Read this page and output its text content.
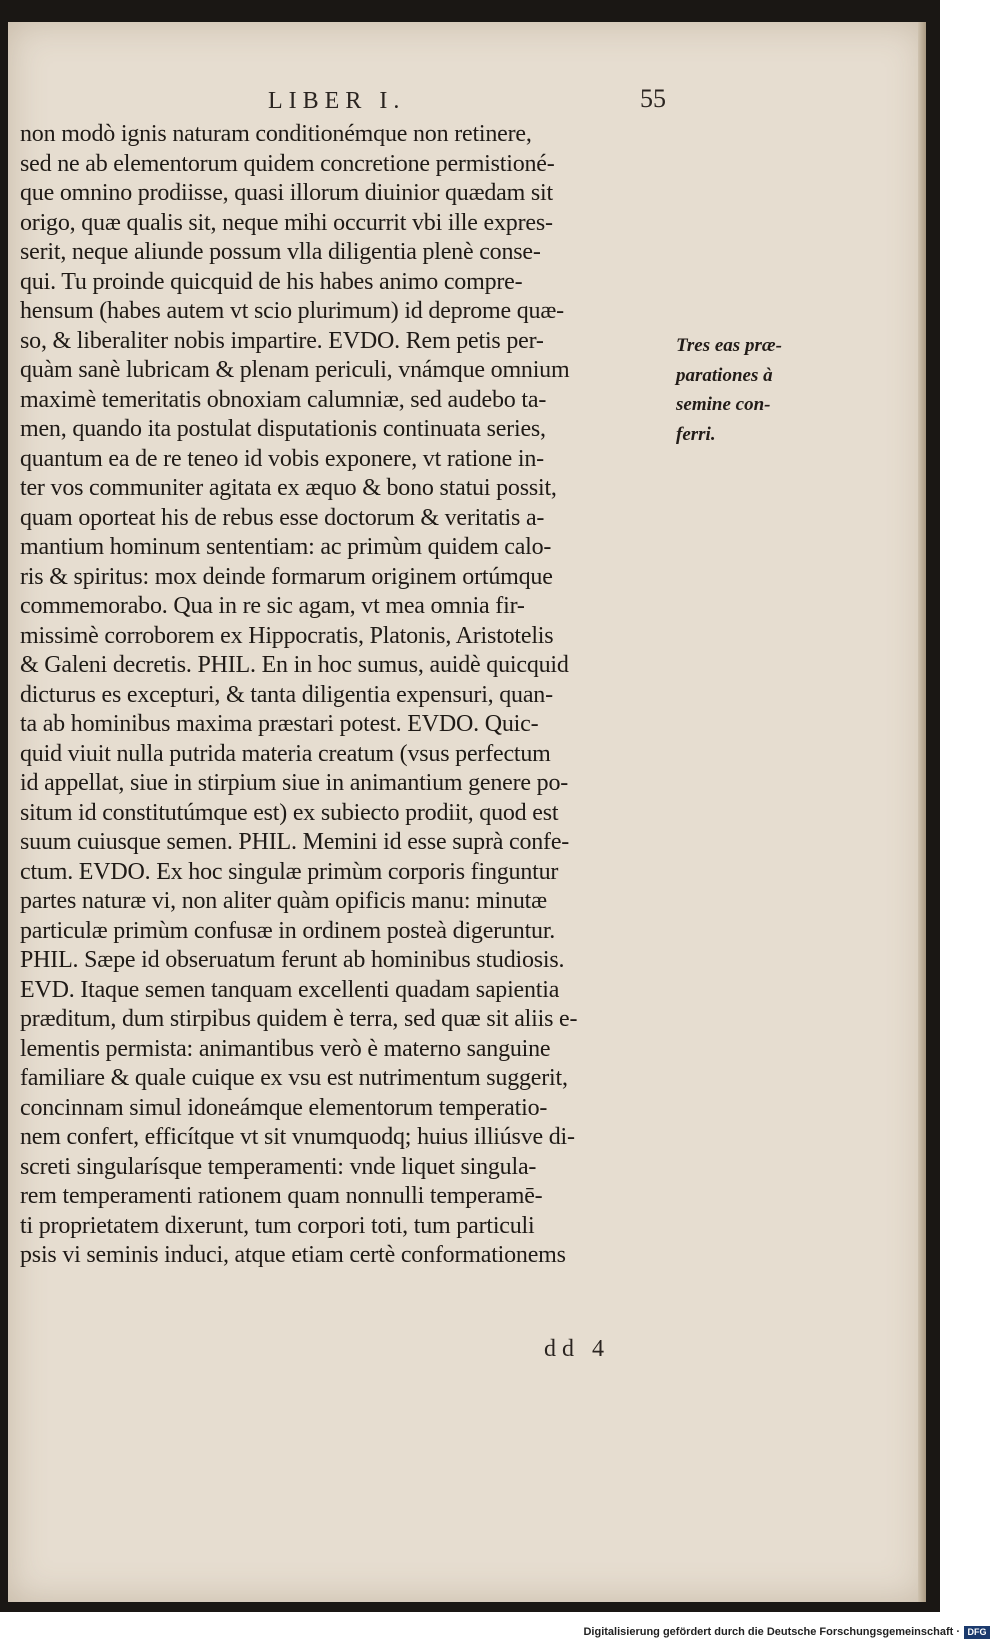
LIBER I.	55
non modò ignis naturam conditionémque non retinere,
sed ne ab elementorum quidem concretione permistioné-
que omnino prodiisse, quasi illorum diuinior quædam sit
origo, quæ qualis sit, neque mihi occurrit vbi ille expres-
serit, neque aliunde possum vlla diligentia plenè conse-
qui. Tu proinde quicquid de his habes animo compre-
hensum (habes autem vt scio plurimum) id deprome quæ-
so, & liberaliter nobis impartire. EVDO. Rem petis per-
quàm sanè lubricam & plenam periculi, vnámque omnium
maximè temeritatis obnoxiam calumniæ, sed audebo ta-
men, quando ita postulat disputationis continuata series,
quantum ea de re teneo id vobis exponere, vt ratione in-
ter vos communiter agitata ex æquo & bono statui possit,
quam oporteat his de rebus esse doctorum & veritatis a-
mantium hominum sententiam: ac primùm quidem calo-
ris & spiritus: mox deinde formarum originem ortúmque
commemorabo. Qua in re sic agam, vt mea omnia fir-
missimè corroborem ex Hippocratis, Platonis, Aristotelis
& Galeni decretis. PHIL. En in hoc sumus, auidè quicquid
dicturus es excepturi, & tanta diligentia expensuri, quan-
ta ab hominibus maxima præstari potest. EVDO. Quic-
quid viuit nulla putrida materia creatum (vsus perfectum
id appellat, siue in stirpium siue in animantium genere po-
situm id constitutúmque est) ex subiecto prodiit, quod est
suum cuiusque semen. PHIL. Memini id esse suprà confe-
ctum. EVDO. Ex hoc singulæ primùm corporis finguntur
partes naturæ vi, non aliter quàm opificis manu: minutæ
particulæ primùm confusæ in ordinem posteà digeruntur.
PHIL. Sæpe id obseruatum ferunt ab hominibus studiosis.
EVD. Itaque semen tanquam excellenti quadam sapientia
præditum, dum stirpibus quidem è terra, sed quæ sit aliis e-
lementis permista: animantibus verò è materno sanguine
familiare & quale cuique ex vsu est nutrimentum suggerit,
concinnam simul idoneámque elementorum temperatio-
nem confert, efficítque vt sit vnumquodq; huius illiúsve di-
screti singularísque temperamenti: vnde liquet singula-
rem temperamenti rationem quam nonnulli temperamē-
ti proprietatem dixerunt, tum corpori toti, tum particuli
psis vi seminis induci, atque etiam certè conformationems
Tres eas præ-
parationes à
semine con-
ferri.
dd 4
Digitalisierung gefördert durch die Deutsche Forschungsgemeinschaft · DFG
